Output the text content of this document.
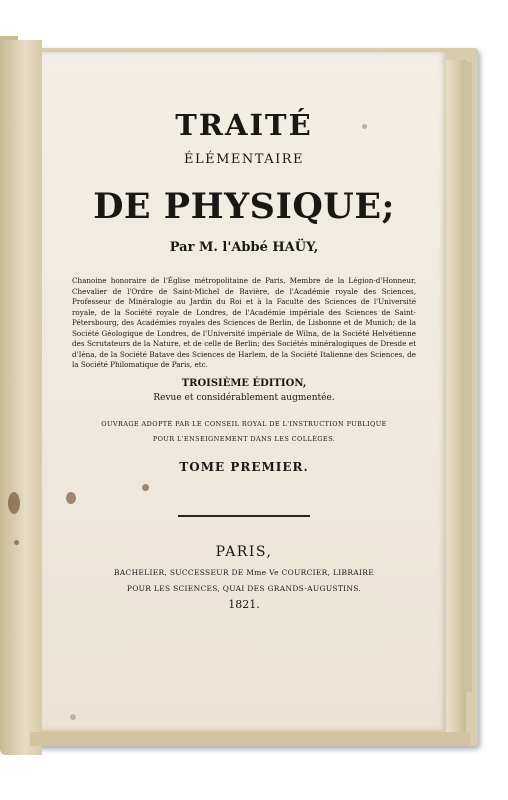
TRAITÉ

ÉLÉMENTAIRE

DE PHYSIQUE;

Par M. l'Abbé HAÜY,

Chanoine honoraire de l'Église métropolitaine de Paris, Membre de la Légion-d'Honneur, Chevalier de l'Ordre de Saint-Michel de Bavière, de l'Académie royale des Sciences, Professeur de Minéralogie au Jardin du Roi et à la Faculté des Sciences de l'Université royale, de la Société royale de Londres, de l'Académie impériale des Sciences de Saint-Pétersbourg, des Académies royales des Sciences de Berlin, de Lisbonne et de Munich; de la Société Géologique de Londres, de l'Université impériale de Wilna, de la Société Helvétienne des Scrutateurs de la Nature, et de celle de Berlin; des Sociétés minéralogiques de Dresde et d'Iéna, de la Société Batave des Sciences de Harlem, de la Société Italienne des Sciences, de la Société Philomatique de Paris, etc.

TROISIÈME ÉDITION,

Revue et considérablement augmentée.

OUVRAGE ADOPTÉ PAR LE CONSEIL ROYAL DE L'INSTRUCTION PUBLIQUE

POUR L'ENSEIGNEMENT DANS LES COLLÈGES.

TOME PREMIER.

PARIS,

BACHELIER, SUCCESSEUR DE Mme Ve COURCIER, LIBRAIRE

POUR LES SCIENCES, QUAI DES GRANDS-AUGUSTINS.

1821.
